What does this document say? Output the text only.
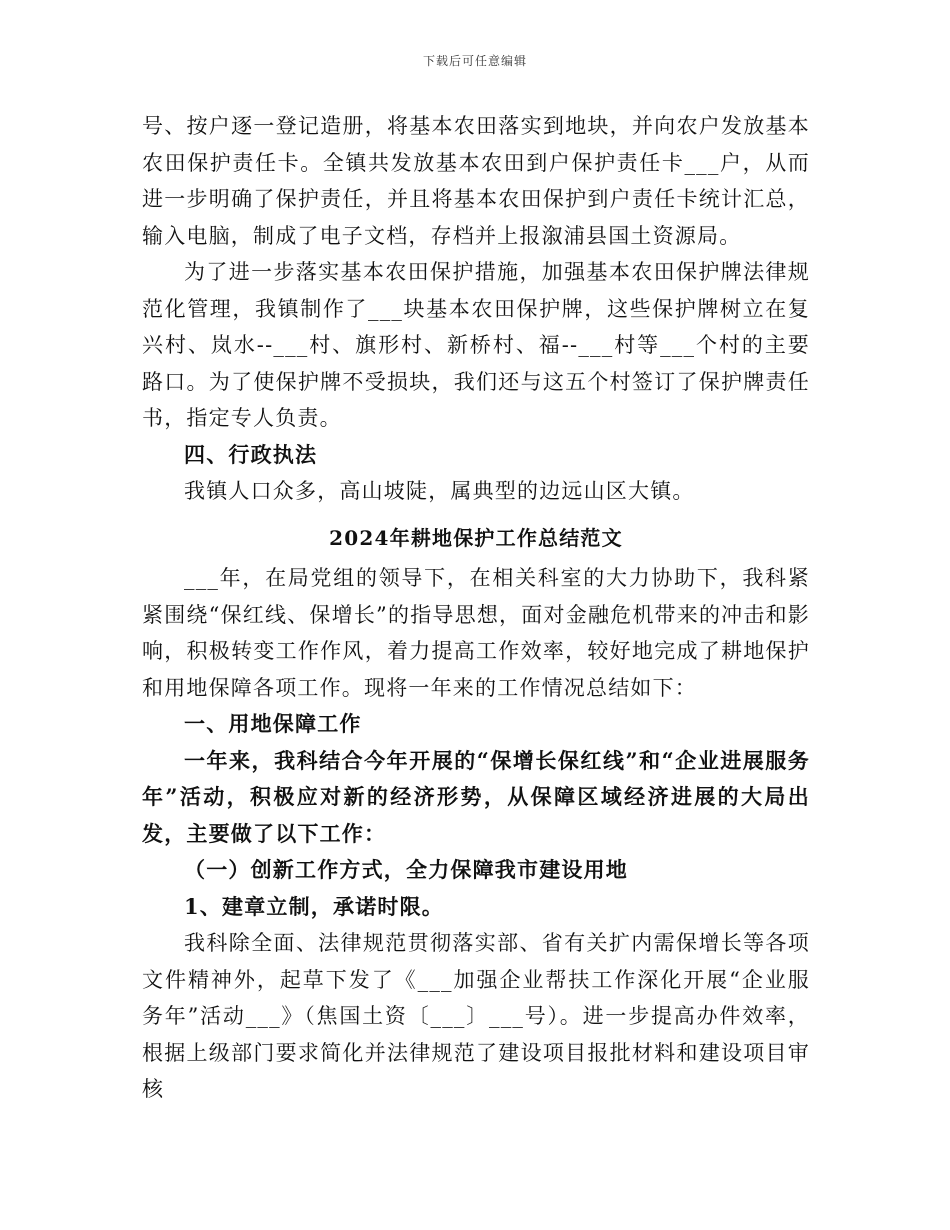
下载后可任意编辑

号、按户逐一登记造册，将基本农田落实到地块，并向农户发放基本农田保护责任卡。全镇共发放基本农田到户保护责任卡___户，从而进一步明确了保护责任，并且将基本农田保护到户责任卡统计汇总，输入电脑，制成了电子文档，存档并上报溆浦县国土资源局。

为了进一步落实基本农田保护措施，加强基本农田保护牌法律规范化管理，我镇制作了___块基本农田保护牌，这些保护牌树立在复兴村、岚水--___村、旗形村、新桥村、福--___村等___个村的主要路口。为了使保护牌不受损块，我们还与这五个村签订了保护牌责任书，指定专人负责。

四、行政执法

我镇人口众多，高山坡陡，属典型的边远山区大镇。

2024年耕地保护工作总结范文

___年，在局党组的领导下，在相关科室的大力协助下，我科紧紧围绕“保红线、保增长”的指导思想，面对金融危机带来的冲击和影响，积极转变工作作风，着力提高工作效率，较好地完成了耕地保护和用地保障各项工作。现将一年来的工作情况总结如下：

一、用地保障工作

一年来，我科结合今年开展的“保增长保红线”和“企业进展服务年”活动，积极应对新的经济形势，从保障区域经济进展的大局出发，主要做了以下工作：

（一）创新工作方式，全力保障我市建设用地

1、建章立制，承诺时限。

我科除全面、法律规范贯彻落实部、省有关扩内需保增长等各项文件精神外，起草下发了《___加强企业帮扶工作深化开展“企业服务年”活动___》（焦国土资〔___〕___号）。进一步提高办件效率，根据上级部门要求简化并法律规范了建设项目报批材料和建设项目审核
